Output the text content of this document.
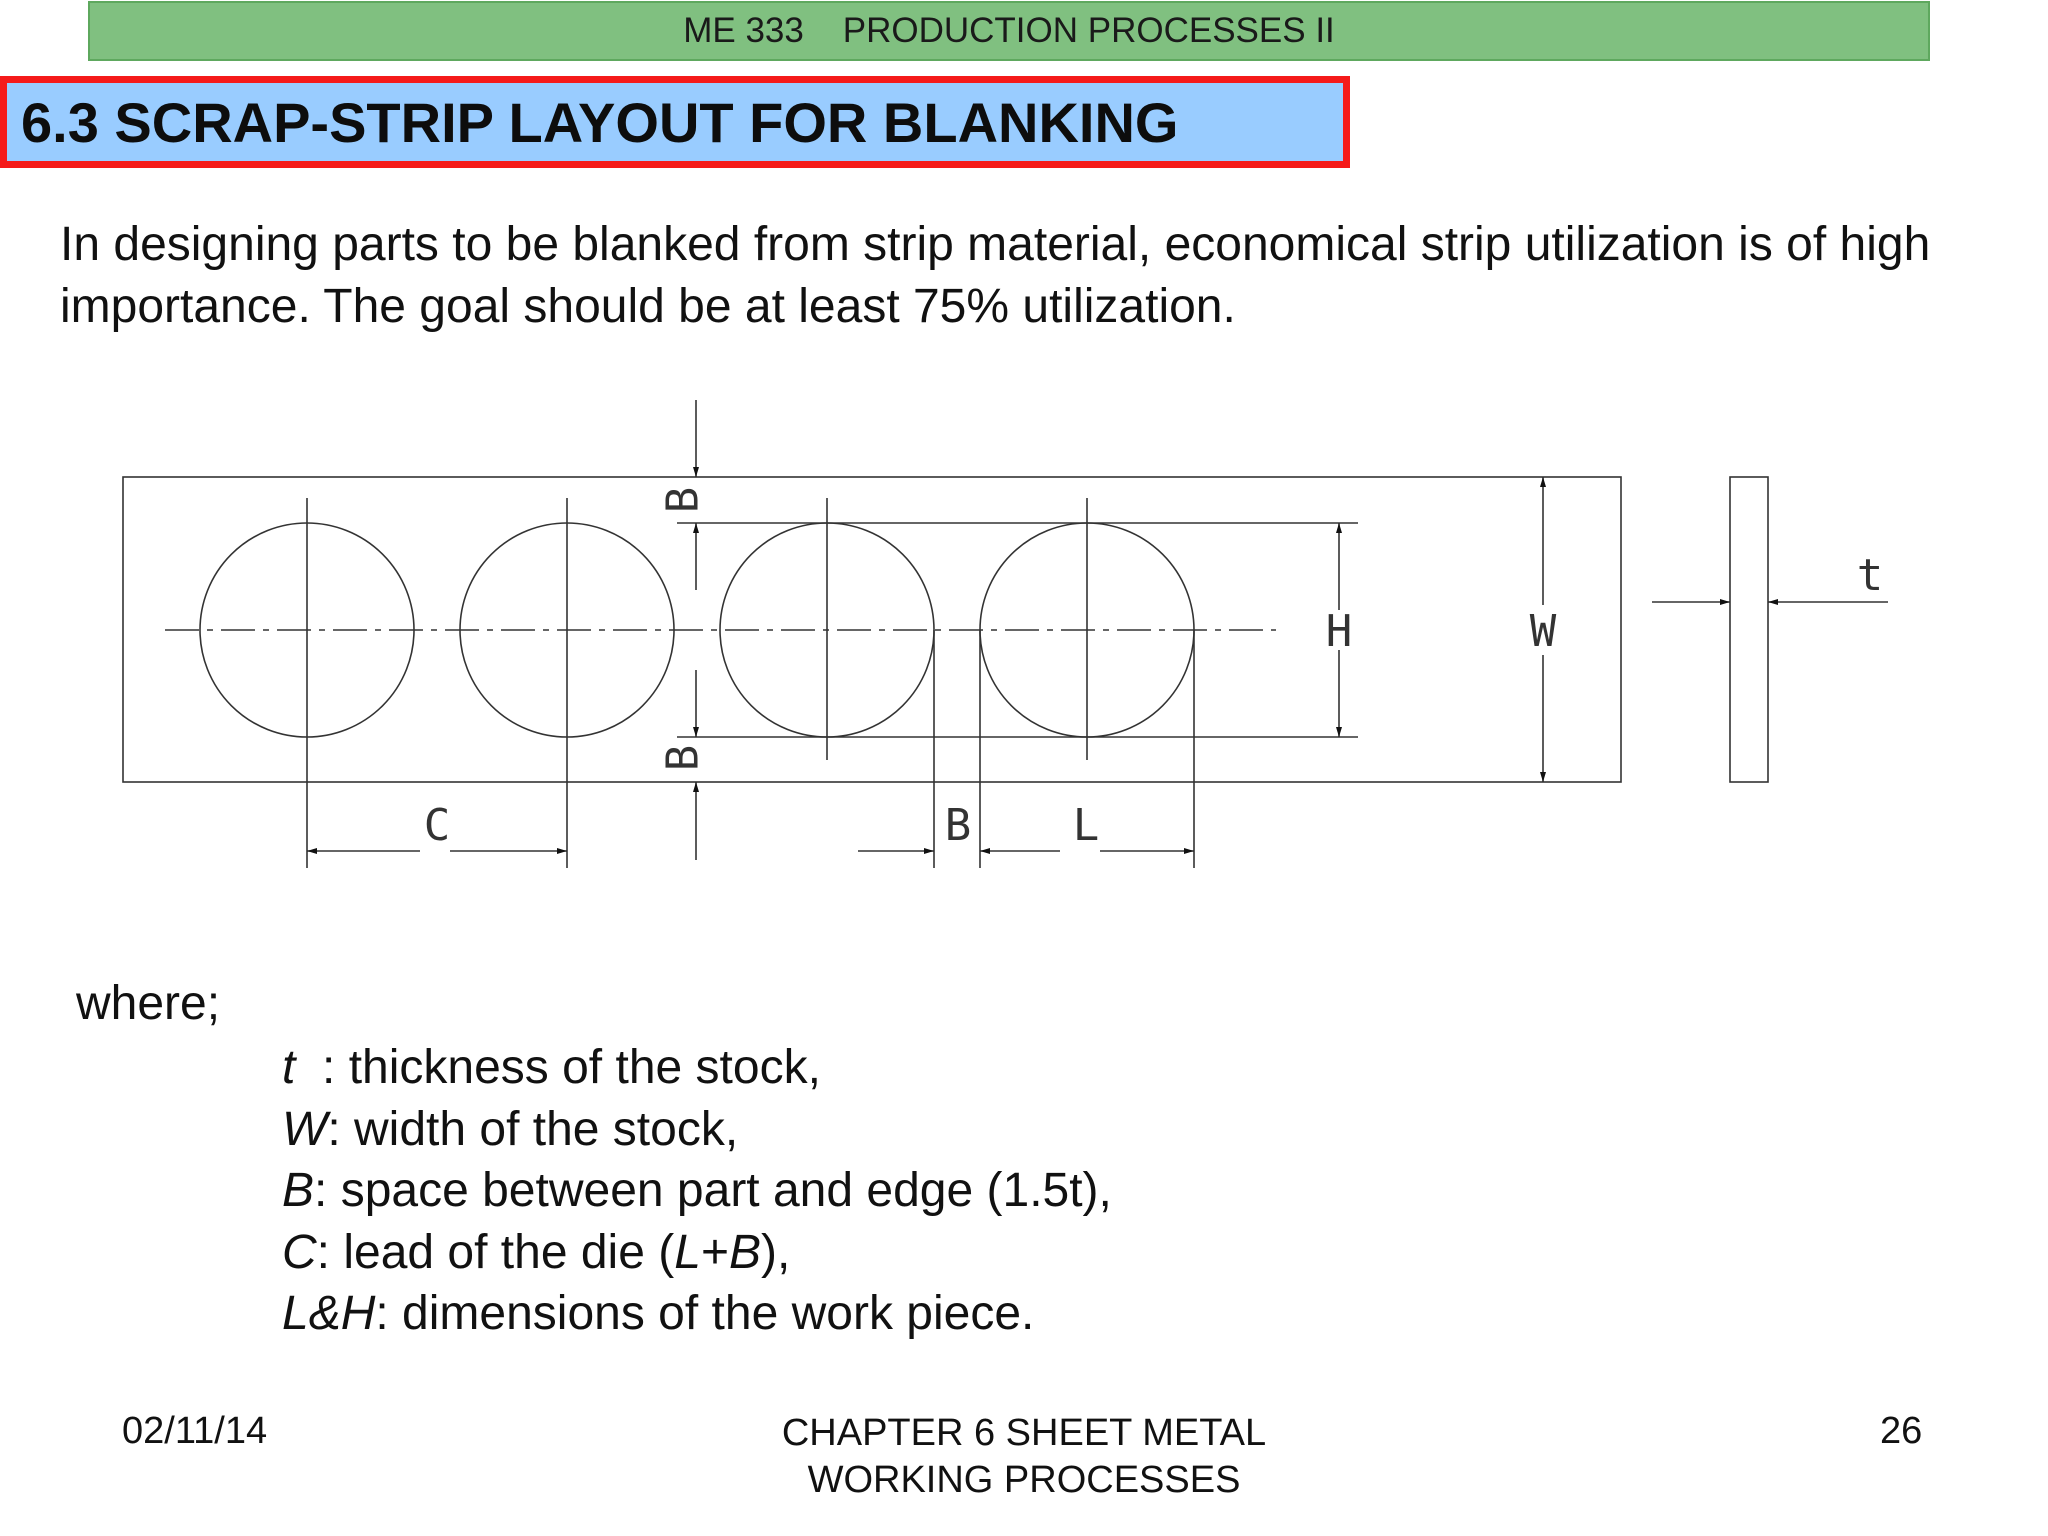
ME 333
PRODUCTION PROCESSES II
6.3 SCRAP-STRIP LAYOUT FOR BLANKING
In designing parts to be blanked from strip material, economical strip utilization is of high importance. The goal should be at least 75% utilization.
B
B
H	W
C	B L
t
where;
t  : thickness of the stock,
W: width of the stock,
B: space between part and edge (1.5t),
C: lead of the die (L+B),
L&H: dimensions of the work piece.
02/11/14	CHAPTER 6 SHEET METAL WORKING PROCESSES
26
